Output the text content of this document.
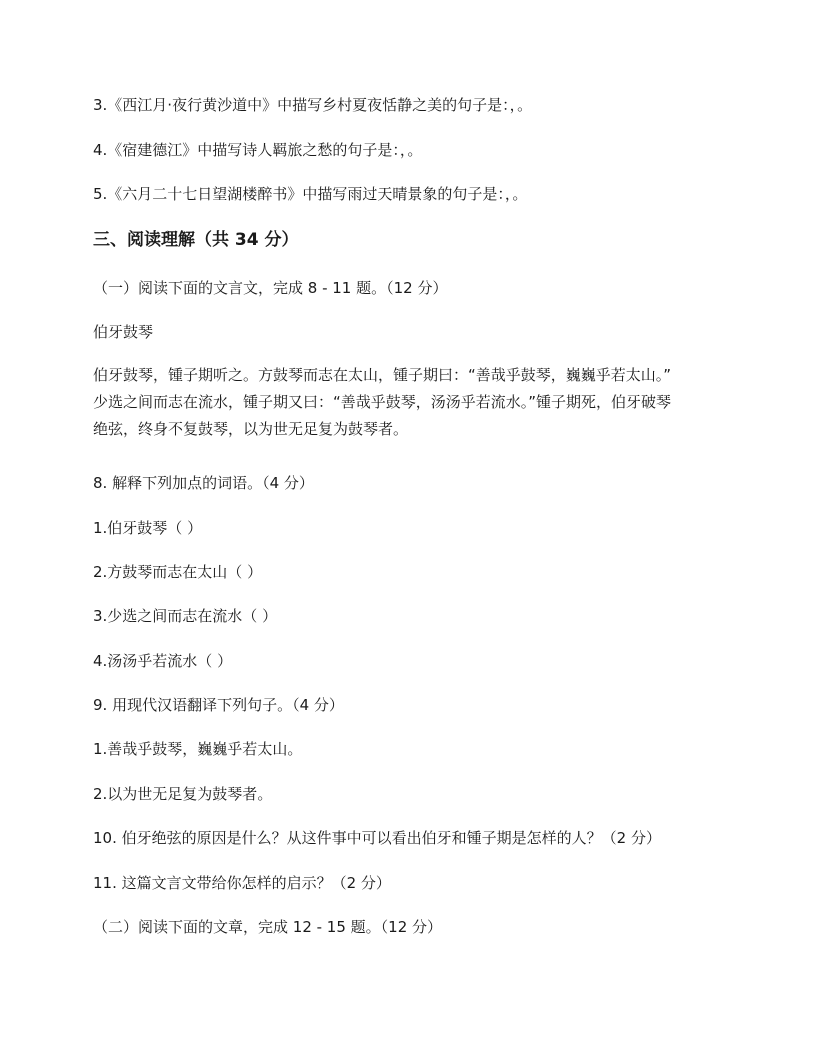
3.《西江月·夜行黄沙道中》中描写乡村夏夜恬静之美的句子是：，。
4.《宿建德江》中描写诗人羁旅之愁的句子是：，。
5.《六月二十七日望湖楼醉书》中描写雨过天晴景象的句子是：，。
三、阅读理解（共 34 分）
（一）阅读下面的文言文，完成 8 - 11 题。（12 分）
伯牙鼓琴
伯牙鼓琴，锺子期听之。方鼓琴而志在太山，锺子期曰：“善哉乎鼓琴，巍巍乎若太山。”
少选之间而志在流水，锺子期又曰：“善哉乎鼓琴，汤汤乎若流水。”锺子期死，伯牙破琴
绝弦，终身不复鼓琴，以为世无足复为鼓琴者。
8. 解释下列加点的词语。（4 分）
1.伯牙鼓琴（ ）
2.方鼓琴而志在太山（ ）
3.少选之间而志在流水（ ）
4.汤汤乎若流水（ ）
9. 用现代汉语翻译下列句子。（4 分）
1.善哉乎鼓琴，巍巍乎若太山。
2.以为世无足复为鼓琴者。
10. 伯牙绝弦的原因是什么？从这件事中可以看出伯牙和锺子期是怎样的人？（2 分）
11. 这篇文言文带给你怎样的启示？（2 分）
（二）阅读下面的文章，完成 12 - 15 题。（12 分）
